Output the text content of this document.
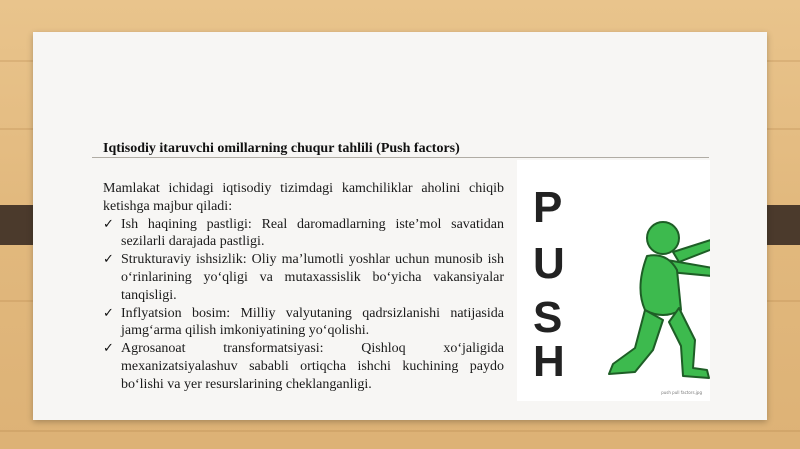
Iqtisodiy itaruvchi omillarning chuqur tahlili (Push factors)

Mamlakat ichidagi iqtisodiy tizimdagi kamchiliklar aholini chiqib ketishga majbur qiladi:

✓ Ish haqining pastligi: Real daromadlarning iste’mol savatidan sezilarli darajada pastligi.
✓ Strukturaviy ishsizlik: Oliy ma’lumotli yoshlar uchun munosib ish o‘rinlarining yo‘qligi va mutaxassislik bo‘yicha vakansiyalar tanqisligi.
✓ Inflyatsion bosim: Milliy valyutaning qadrsizlanishi natijasida jamg‘arma qilish imkoniyatining yo‘qolishi.
✓ Agrosanoat transformatsiyasi: Qishloq xo‘jaligida mexanizatsiyalashuv sababli ortiqcha ishchi kuchining paydo bo‘lishi va yer resurslarining cheklanganligi.
P
U
S
H
push pull factors.jpg
